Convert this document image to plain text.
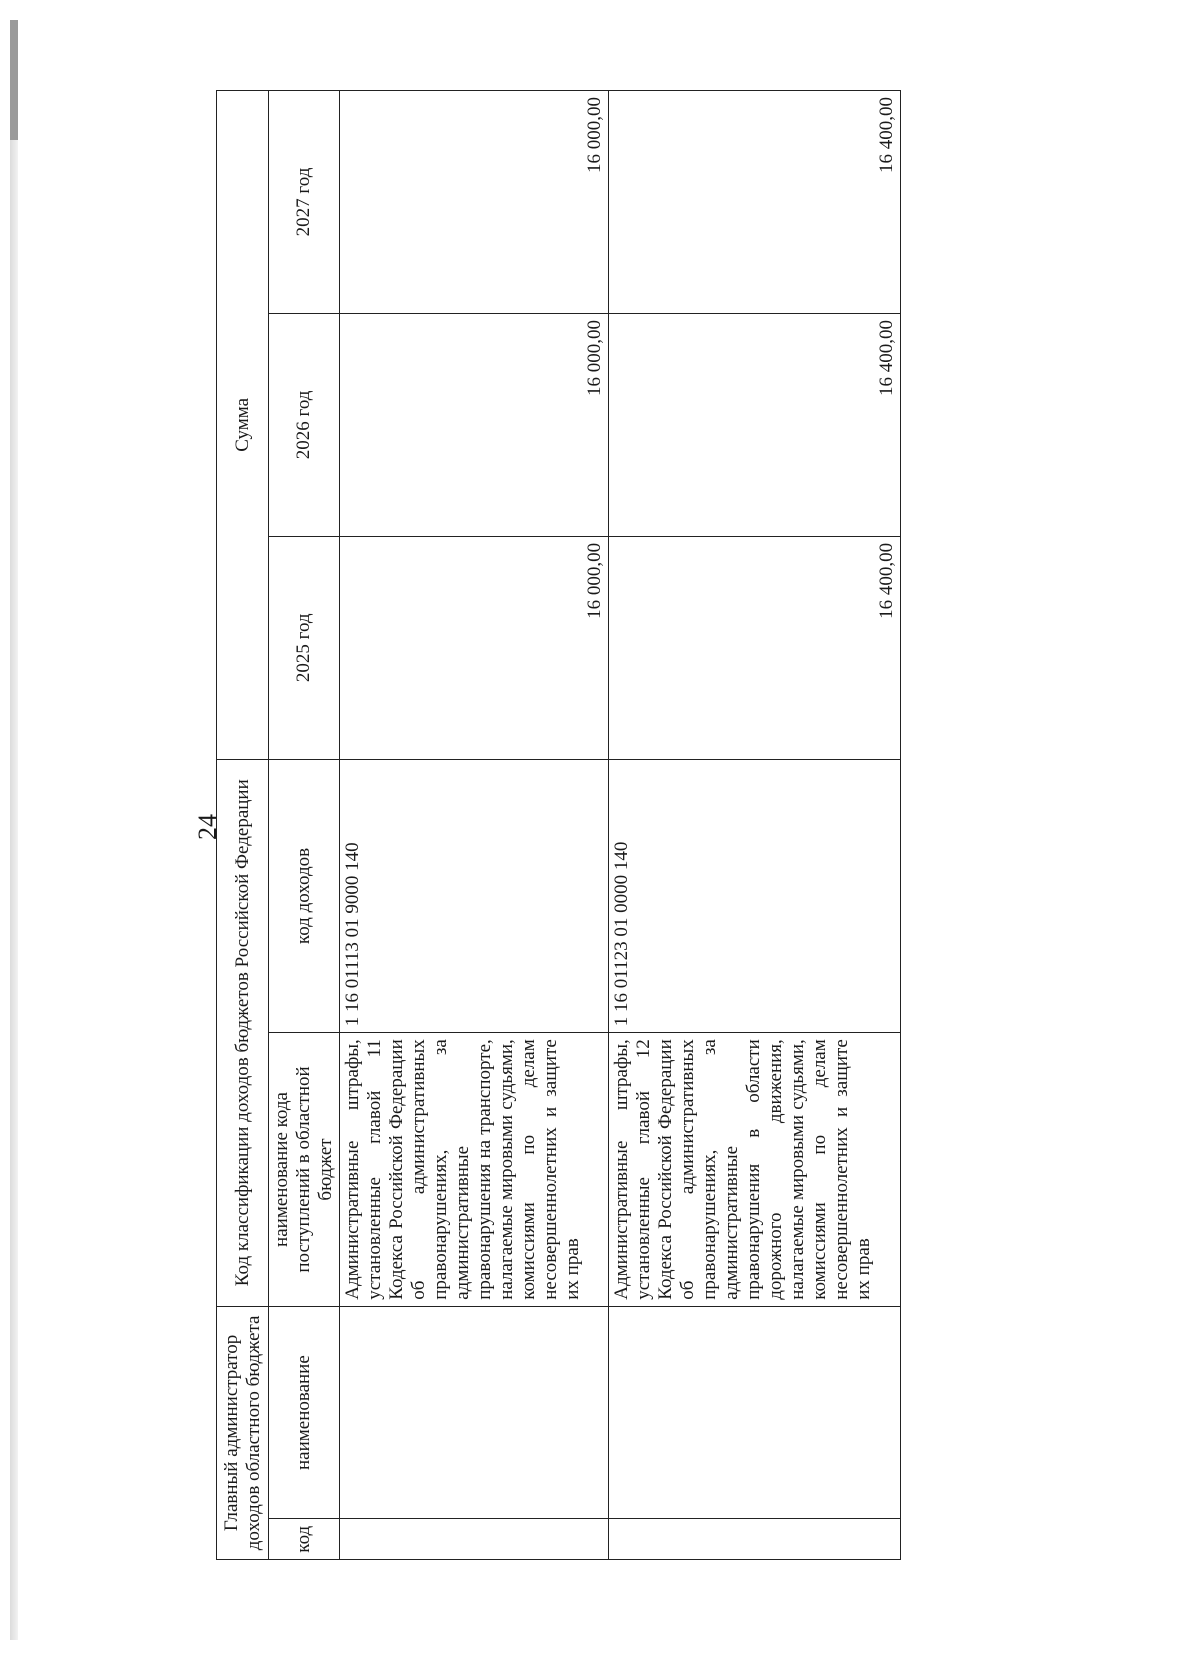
24
Главный администратор доходов областного бюджета		Код классификации доходов бюджетов Российской Федерации		Сумма		
код	наименование	наименование кода поступлений в областной бюджет	код доходов	2025 год	2026 год	2027 год
		Административные штрафы, установленные главой 11 Кодекса Российской Федерации об административных правонарушениях, за административные правонарушения на транспорте, налагаемые мировыми судьями, комиссиями по делам несовершеннолетних и защите их прав	1 16 01113 01 9000 140	16 000,00	16 000,00	16 000,00
		Административные штрафы, установленные главой 12 Кодекса Российской Федерации об административных правонарушениях, за административные правонарушения в области дорожного движения, налагаемые мировыми судьями, комиссиями по делам несовершеннолетних и защите их прав	1 16 01123 01 0000 140	16 400,00	16 400,00	16 400,00
